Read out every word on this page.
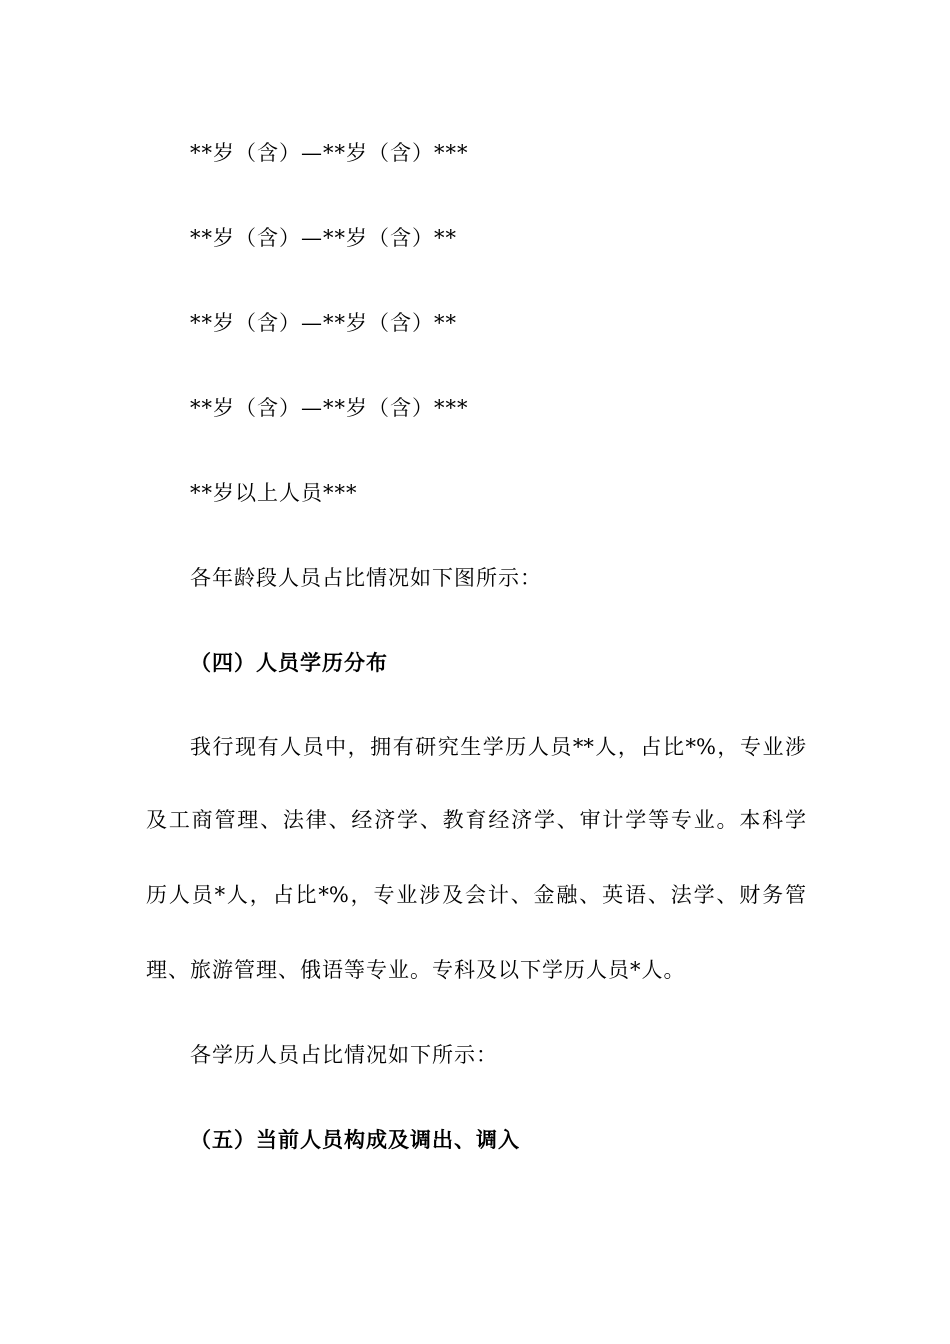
**岁（含）—**岁（含）***
**岁（含）—**岁（含）**
**岁（含）—**岁（含）**
**岁（含）—**岁（含）***
**岁以上人员***
各年龄段人员占比情况如下图所示：
（四）人员学历分布
我行现有人员中，拥有研究生学历人员**人，占比*%，专业涉
及工商管理、法律、经济学、教育经济学、审计学等专业。本科学
历人员*人，占比*%，专业涉及会计、金融、英语、法学、财务管
理、旅游管理、俄语等专业。专科及以下学历人员*人。
各学历人员占比情况如下所示：
（五）当前人员构成及调出、调入
